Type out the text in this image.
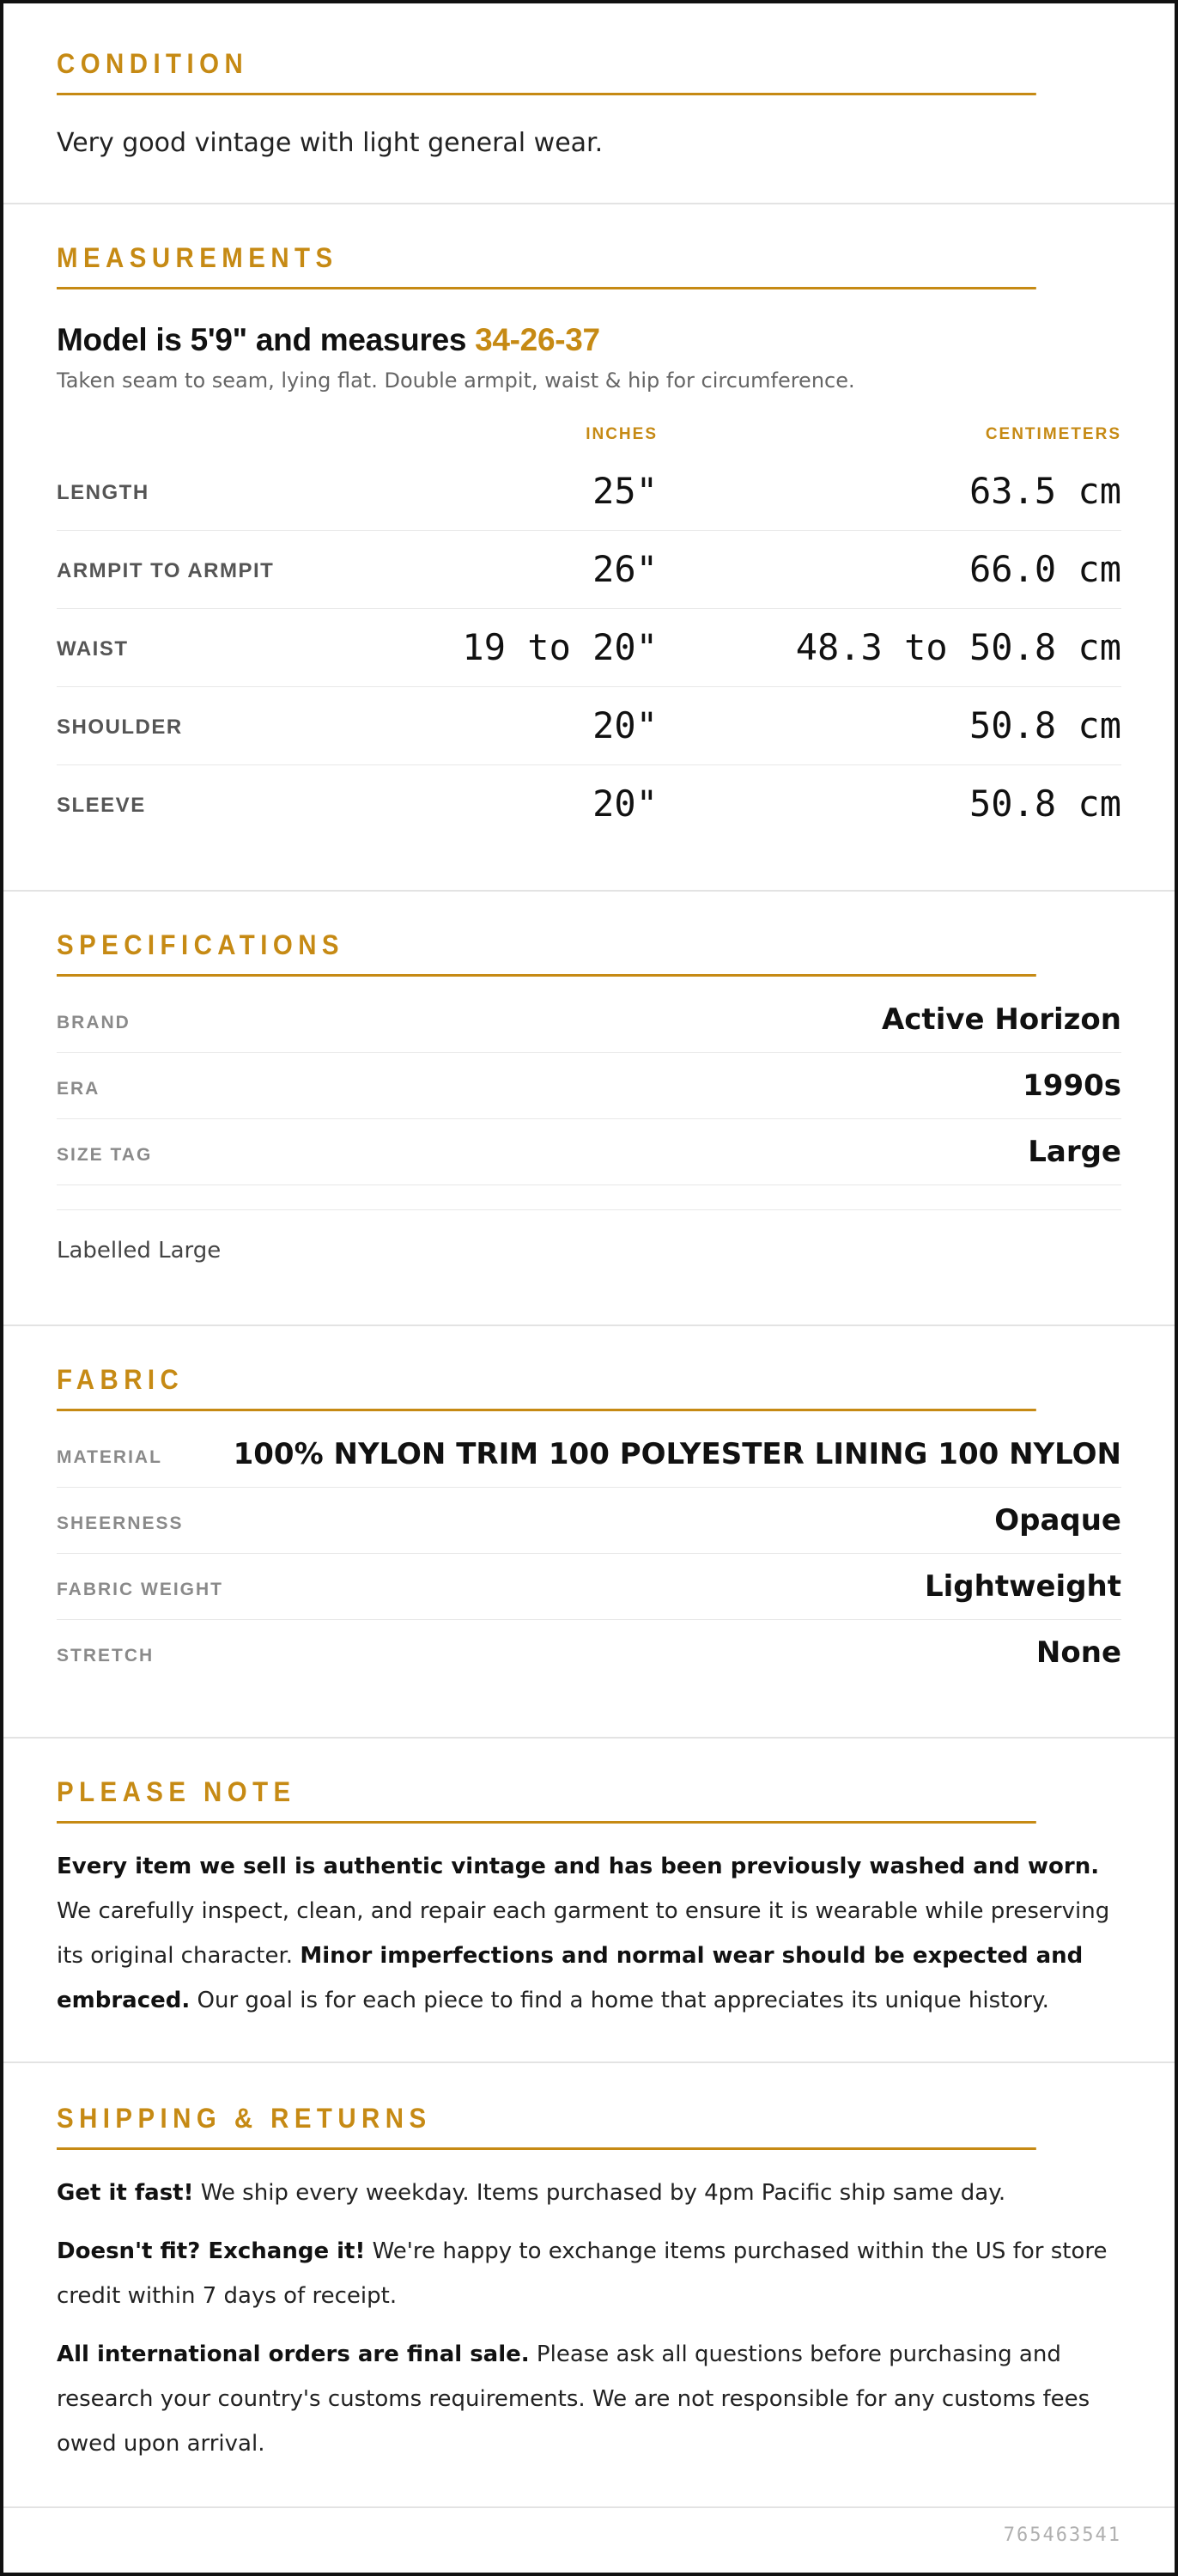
CONDITION
Very good vintage with light general wear.
MEASUREMENTS
Model is 5'9" and measures 34-26-37
Taken seam to seam, lying flat. Double armpit, waist & hip for circumference.
INCHES	CENTIMETERS
LENGTH	25"	63.5 cm
ARMPIT TO ARMPIT	26"	66.0 cm
WAIST	19 to 20"	48.3 to 50.8 cm
SHOULDER	20"	50.8 cm
SLEEVE	20"	50.8 cm
SPECIFICATIONS
BRAND	Active Horizon
ERA	1990s
SIZE TAG	Large
Labelled Large
FABRIC
MATERIAL 100% NYLON TRIM 100 POLYESTER LINING 100 NYLON
SHEERNESS	Opaque
FABRIC WEIGHT	Lightweight
STRETCH	None
PLEASE NOTE

Every item we sell is authentic vintage and has been previously washed and worn. We carefully inspect, clean, and repair each garment to ensure it is wearable while preserving its original character. Minor imperfections and normal wear should be expected and embraced. Our goal is for each piece to find a home that appreciates its unique history.

SHIPPING & RETURNS

Get it fast! We ship every weekday. Items purchased by 4pm Pacific ship same day.

Doesn't fit? Exchange it! We're happy to exchange items purchased within the US for store credit within 7 days of receipt.

All international orders are final sale. Please ask all questions before purchasing and research your country's customs requirements. We are not responsible for any customs fees owed upon arrival.

765463541
